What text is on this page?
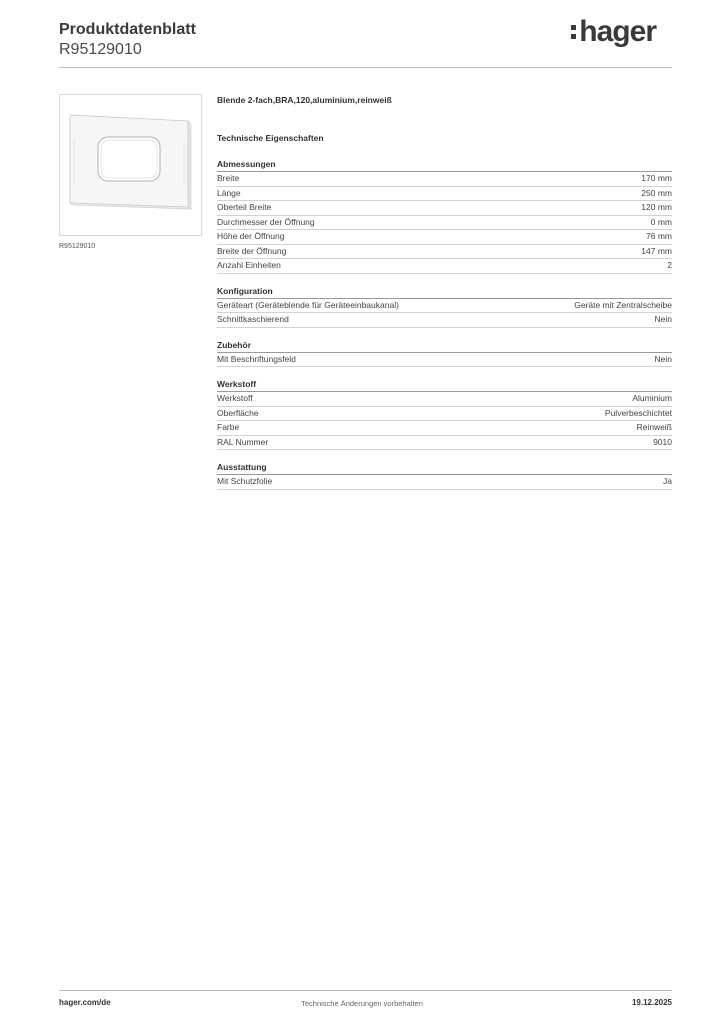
Produktdatenblatt
R95129010
hager
R95129010
Blende 2-fach,BRA,120,aluminium,reinweiß
Technische Eigenschaften
Abmessungen
Breite	170 mm
Länge	250 mm
Oberteil Breite	120 mm
Durchmesser der Öffnung	0 mm
Höhe der Öffnung	76 mm
Breite der Öffnung	147 mm
Anzahl Einheiten	2
Konfiguration
Geräteart (Geräteblende für Geräteeinbaukanal)	Geräte mit Zentralscheibe
Schnittkaschierend	Nein
Zubehör
Mit Beschriftungsfeld	Nein
Werkstoff
Werkstoff	Aluminium
Oberfläche	Pulverbeschichtet
Farbe	Reinweiß
RAL Nummer	9010
Ausstattung
Mit Schutzfolie	Ja
hager.com/de	Technische Änderungen vorbehalten	19.12.2025
